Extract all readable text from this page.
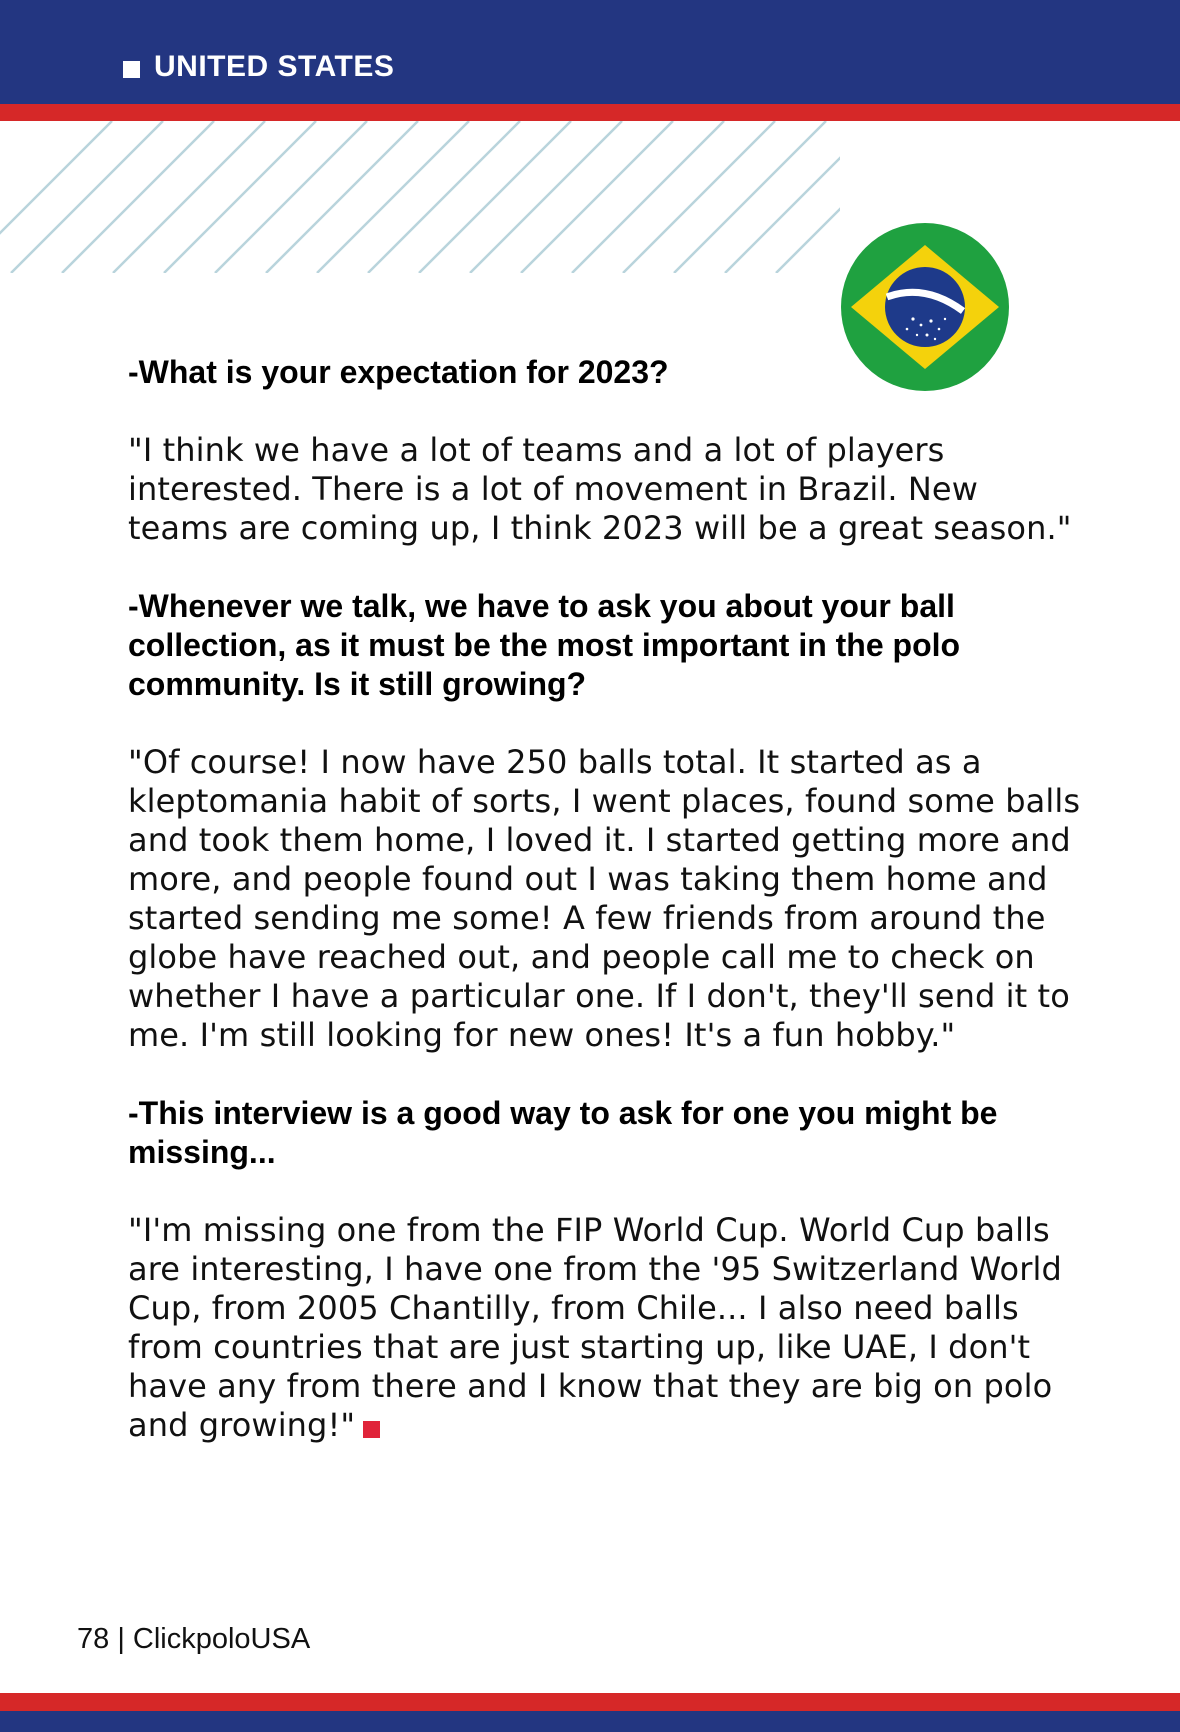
UNITED STATES

-What is your expectation for 2023?

"I think we have a lot of teams and a lot of players interested. There is a lot of movement in Brazil. New teams are coming up, I think 2023 will be a great season."

-Whenever we talk, we have to ask you about your ball collection, as it must be the most important in the polo community. Is it still growing?

"Of course! I now have 250 balls total. It started as a kleptomania habit of sorts, I went places, found some balls and took them home, I loved it. I started getting more and more, and people found out I was taking them home and started sending me some! A few friends from around the globe have reached out, and people call me to check on whether I have a particular one. If I don't, they'll send it to me. I'm still looking for new ones! It's a fun hobby."

-This interview is a good way to ask for one you might be missing...

"I'm missing one from the FIP World Cup. World Cup balls are interesting, I have one from the '95 Switzerland World Cup, from 2005 Chantilly, from Chile... I also need balls from countries that are just starting up, like UAE, I don't have any from there and I know that they are big on polo and growing!"

78 | ClickpoloUSA
